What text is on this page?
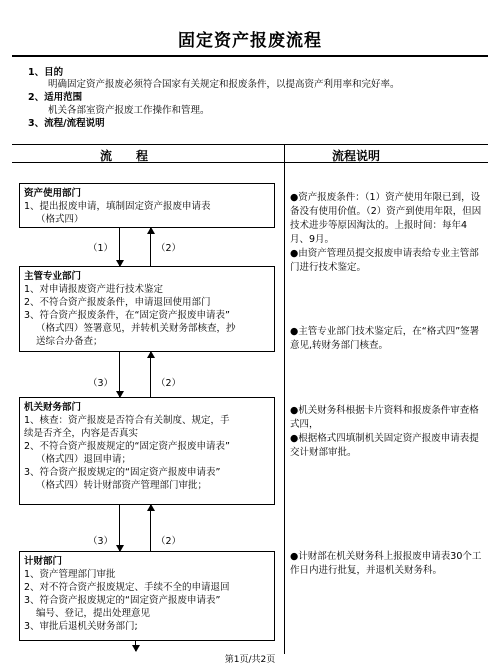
固定资产报废流程
1、目的
明确固定资产报废必须符合国家有关规定和报废条件，以提高资产利用率和完好率。
2、适用范围
机关各部室资产报废工作操作和管理。
3、流程/流程说明
流　　程	流程说明
资产使用部门
1、提出报废申请，填制固定资产报废申请表
（格式四）
（1）	（2）
主管专业部门
1、对申请报废资产进行技术鉴定
2、不符合资产报废条件，申请退回使用部门
3、符合资产报废条件，在“固定资产报废申请表”
（格式四）签署意见，并转机关财务部核查，抄
送综合办备查；
（3）	（2）
机关财务部门
1、核查：资产报废是否符合有关制度、规定，手
续是否齐全，内容是否真实
2、不符合资产报废规定的“固定资产报废申请表”
（格式四）退回申请；
3、符合资产报废规定的“固定资产报废申请表”
（格式四）转计财部资产管理部门审批；
（3）	（2）
计财部门
1、资产管理部门审批
2、对不符合资产报废规定、手续不全的申请退回
3、符合资产报废规定的“固定资产报废申请表”
编号、登记，提出处理意见
3、审批后退机关财务部门;
●资产报废条件：（1）资产使用年限已到，设备没有使用价值。（2）资产到使用年限，但因技术进步等原因淘汰的。上报时间：每年4月、9月。
●由资产管理员提交报废申请表给专业主管部门进行技术鉴定。
●主管专业部门技术鉴定后，在“格式四”签署意见,转财务部门核查。
●机关财务科根据卡片资料和报废条件审查格式四，
●根据格式四填制机关固定资产报废申请表提交计财部审批。
●计财部在机关财务科上报报废申请表30个工作日内进行批复，并退机关财务科。
第1页/共2页
